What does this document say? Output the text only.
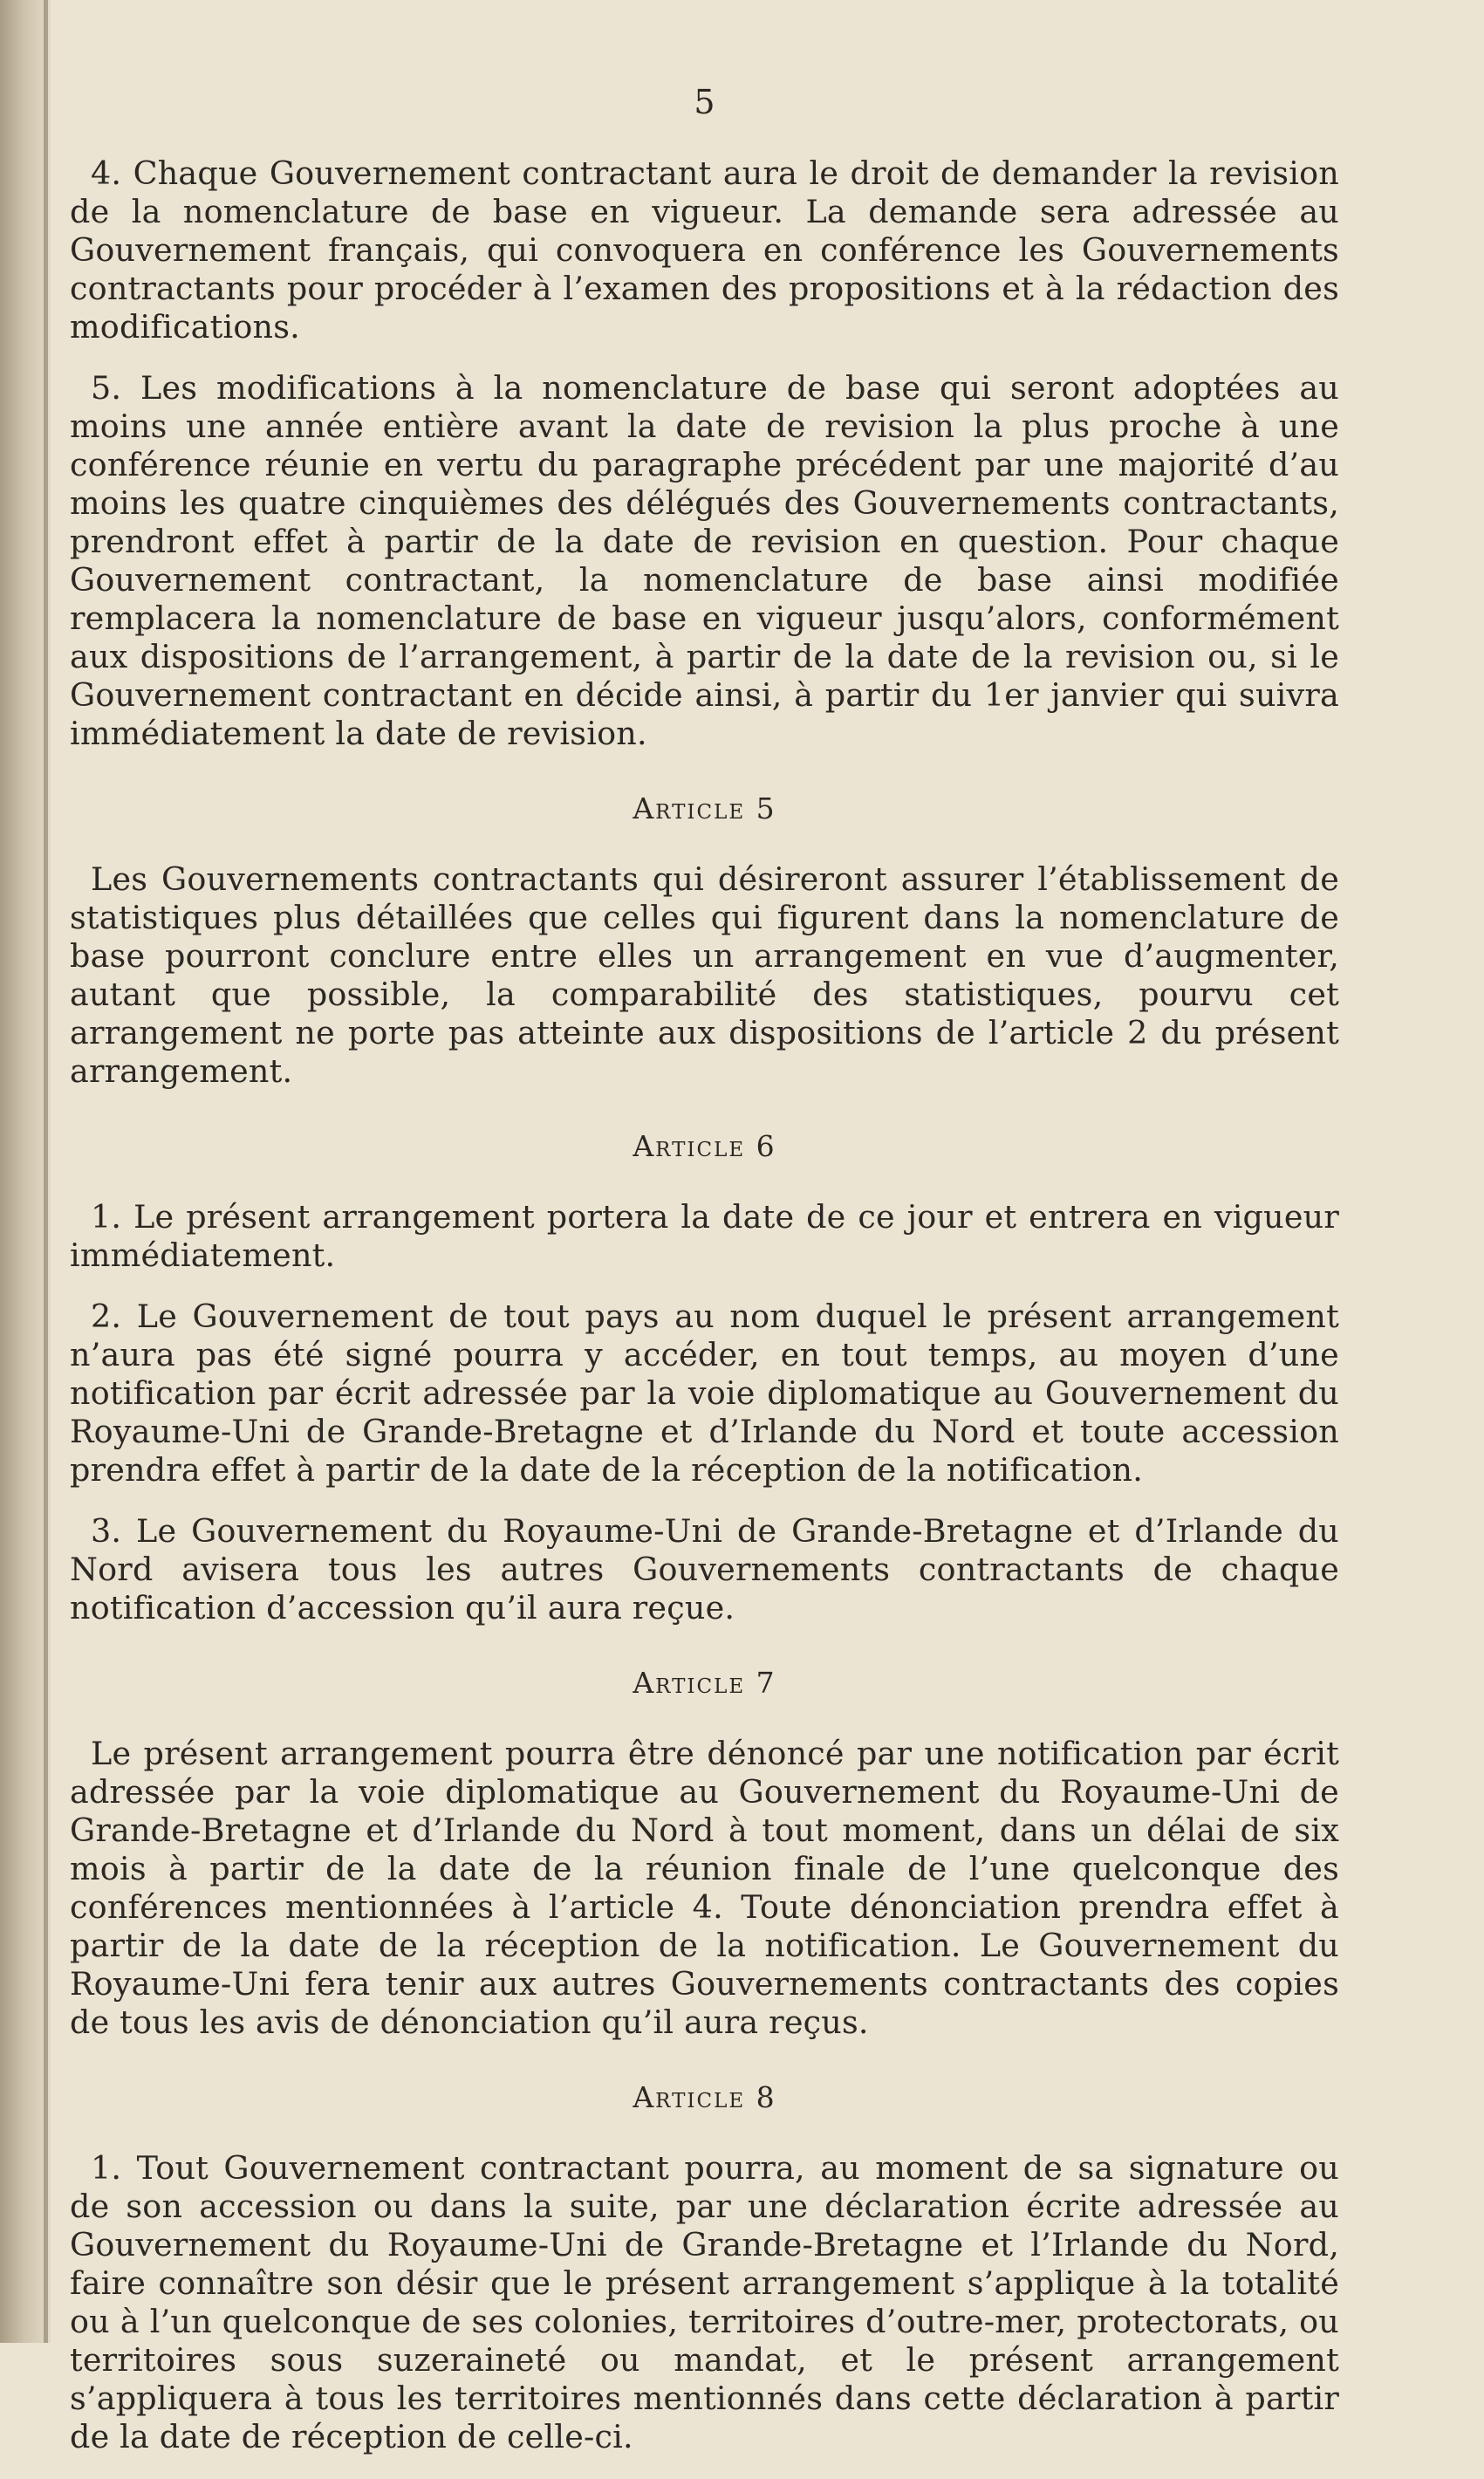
5

4. Chaque Gouvernement contractant aura le droit de demander la revision de la nomenclature de base en vigueur. La demande sera adressée au Gouvernement français, qui convoquera en conférence les Gouvernements contractants pour procéder à l’examen des propositions et à la rédaction des modifications.

5. Les modifications à la nomenclature de base qui seront adoptées au moins une année entière avant la date de revision la plus proche à une conférence réunie en vertu du paragraphe précédent par une majorité d’au moins les quatre cinquièmes des délégués des Gouvernements contractants, prendront effet à partir de la date de revision en question. Pour chaque Gouvernement contractant, la nomenclature de base ainsi modifiée remplacera la nomenclature de base en vigueur jusqu’alors, conformément aux dispositions de l’arrangement, à partir de la date de la revision ou, si le Gouvernement contractant en décide ainsi, à partir du 1er janvier qui suivra immédiatement la date de revision.

Article 5

Les Gouvernements contractants qui désireront assurer l’établissement de statistiques plus détaillées que celles qui figurent dans la nomenclature de base pourront conclure entre elles un arrangement en vue d’augmenter, autant que possible, la comparabilité des statistiques, pourvu cet arrangement ne porte pas atteinte aux dispositions de l’article 2 du présent arrangement.

Article 6

1. Le présent arrangement portera la date de ce jour et entrera en vigueur immédiatement.

2. Le Gouvernement de tout pays au nom duquel le présent arrangement n’aura pas été signé pourra y accéder, en tout temps, au moyen d’une notification par écrit adressée par la voie diplomatique au Gouvernement du Royaume-Uni de Grande-Bretagne et d’Irlande du Nord et toute accession prendra effet à partir de la date de la réception de la notification.

3. Le Gouvernement du Royaume-Uni de Grande-Bretagne et d’Irlande du Nord avisera tous les autres Gouvernements contractants de chaque notification d’accession qu’il aura reçue.

Article 7

Le présent arrangement pourra être dénoncé par une notification par écrit adressée par la voie diplomatique au Gouvernement du Royaume-Uni de Grande-Bretagne et d’Irlande du Nord à tout moment, dans un délai de six mois à partir de la date de la réunion finale de l’une quelconque des conférences mentionnées à l’article 4. Toute dénonciation prendra effet à partir de la date de la réception de la notification. Le Gouvernement du Royaume-Uni fera tenir aux autres Gouvernements contractants des copies de tous les avis de dénonciation qu’il aura reçus.

Article 8

1. Tout Gouvernement contractant pourra, au moment de sa signature ou de son accession ou dans la suite, par une déclaration écrite adressée au Gouvernement du Royaume-Uni de Grande-Bretagne et l’Irlande du Nord, faire connaître son désir que le présent arrangement s’applique à la totalité ou à l’un quelconque de ses colonies, territoires d’outre-mer, protectorats, ou territoires sous suzeraineté ou mandat, et le présent arrangement s’appliquera à tous les territoires mentionnés dans cette déclaration à partir de la date de réception de celle-ci.
